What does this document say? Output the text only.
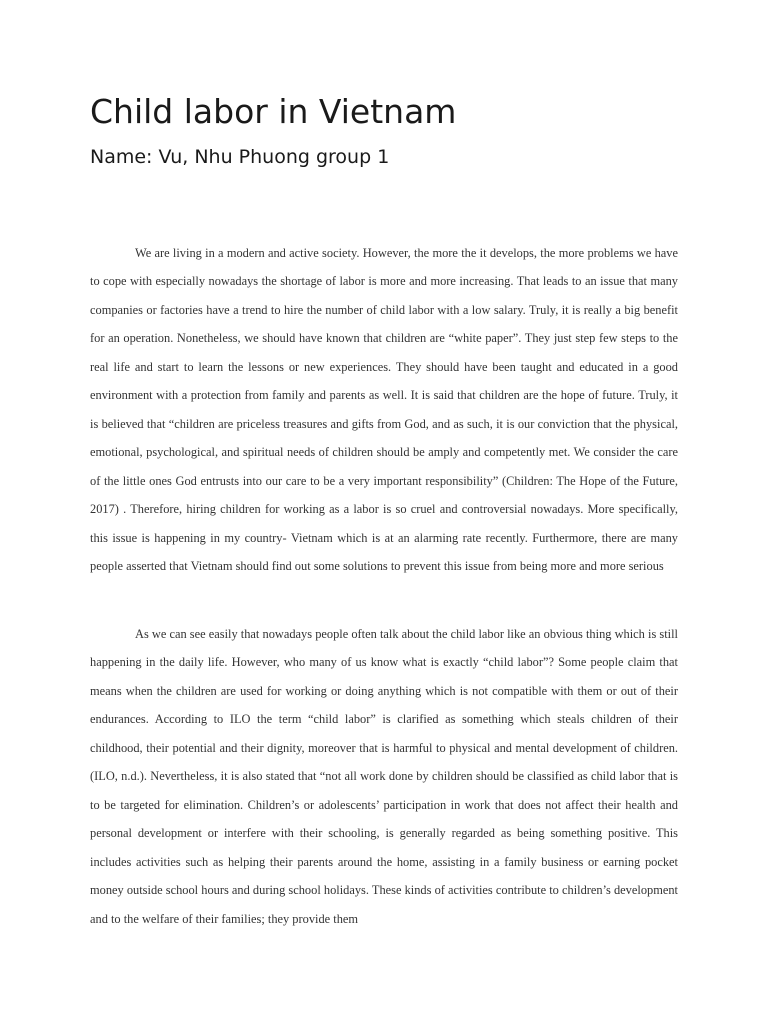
Child labor in Vietnam
Name: Vu, Nhu Phuong group 1

We are living in a modern and active society. However, the more the it develops, the more problems we have to cope with especially nowadays the shortage of labor is more and more increasing. That leads to an issue that many companies or factories have a trend to hire the number of child labor with a low salary. Truly, it is really a big benefit for an operation. Nonetheless, we should have known that children are “white paper”. They just step few steps to the real life and start to learn the lessons or new experiences. They should have been taught and educated in a good environment with a protection from family and parents as well. It is said that children are the hope of future. Truly, it is believed that “children are priceless treasures and gifts from God, and as such, it is our conviction that the physical, emotional, psychological, and spiritual needs of children should be amply and competently met. We consider the care of the little ones God entrusts into our care to be a very important responsibility” (Children: The Hope of the Future, 2017) . Therefore, hiring children for working as a labor is so cruel and controversial nowadays. More specifically, this issue is happening in my country- Vietnam which is at an alarming rate recently. Furthermore, there are many people asserted that Vietnam should find out some solutions to prevent this issue from being more and more serious

As we can see easily that nowadays people often talk about the child labor like an obvious thing which is still happening in the daily life. However, who many of us know what is exactly “child labor”? Some people claim that means when the children are used for working or doing anything which is not compatible with them or out of their endurances. According to ILO the term “child labor” is clarified as something which steals children of their childhood, their potential and their dignity, moreover that is harmful to physical and mental development of children. (ILO, n.d.). Nevertheless, it is also stated that “not all work done by children should be classified as child labor that is to be targeted for elimination. Children’s or adolescents’ participation in work that does not affect their health and personal development or interfere with their schooling, is generally regarded as being something positive. This includes activities such as helping their parents around the home, assisting in a family business or earning pocket money outside school hours and during school holidays. These kinds of activities contribute to children’s development and to the welfare of their families; they provide them
